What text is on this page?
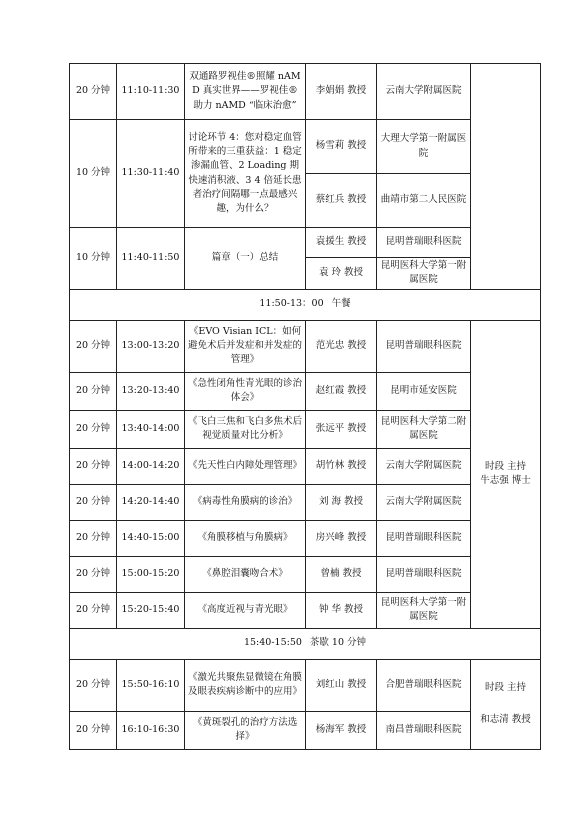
20 分钟	11:10-11:30	双通路罗视佳®照耀 nAMD 真实世界——罗视佳®助力 nAMD “临床治愈”	李娟娟 教授	云南大学附属医院	
10 分钟	11:30-11:40	讨论环节 4：您对稳定血管所带来的三重获益：1 稳定渗漏血管、2 Loading 期快速消积液、3 4 倍延长患者治疗间隔哪一点最感兴趣，为什么？	杨雪莉 教授	大理大学第一附属医院	
			蔡红兵 教授	曲靖市第二人民医院	
10 分钟	11:40-11:50	篇章（一）总结	袁援生 教授	昆明普瑞眼科医院	
			袁 玲 教授	昆明医科大学第一附属医院	
11:50-13：00 午餐					
20 分钟	13:00-13:20	《EVO Visian ICL：如何避免术后并发症和并发症的管理》	范光忠 教授	昆明普瑞眼科医院	时段 主持
牛志强 博士

20 分钟	13:20-13:40	《急性闭角性青光眼的诊治体会》	赵红霞 教授	昆明市延安医院	
20 分钟	13:40-14:00	《飞白三焦和飞白多焦术后视觉质量对比分析》	张远平 教授	昆明医科大学第二附属医院	
20 分钟	14:00-14:20	《先天性白内障处理管理》	胡竹林 教授	云南大学附属医院	
20 分钟	14:20-14:40	《病毒性角膜病的诊治》	刘 海 教授	云南大学附属医院	
20 分钟	14:40-15:00	《角膜移植与角膜病》	房兴峰 教授	昆明普瑞眼科医院	
20 分钟	15:00-15:20	《鼻腔泪囊吻合术》	曾楠 教授	昆明普瑞眼科医院	
20 分钟	15:20-15:40	《高度近视与青光眼》	钟 华 教授	昆明医科大学第一附属医院	
15:40-15:50 茶歇 10 分钟					
20 分钟	15:50-16:10	《激光共聚焦显微镜在角膜及眼表疾病诊断中的应用》	刘红山 教授	合肥普瑞眼科医院	时段 主持
和志清 教授

20 分钟	16:10-16:30	《黄斑裂孔的治疗方法选择》	杨海军 教授	南昌普瑞眼科医院	
